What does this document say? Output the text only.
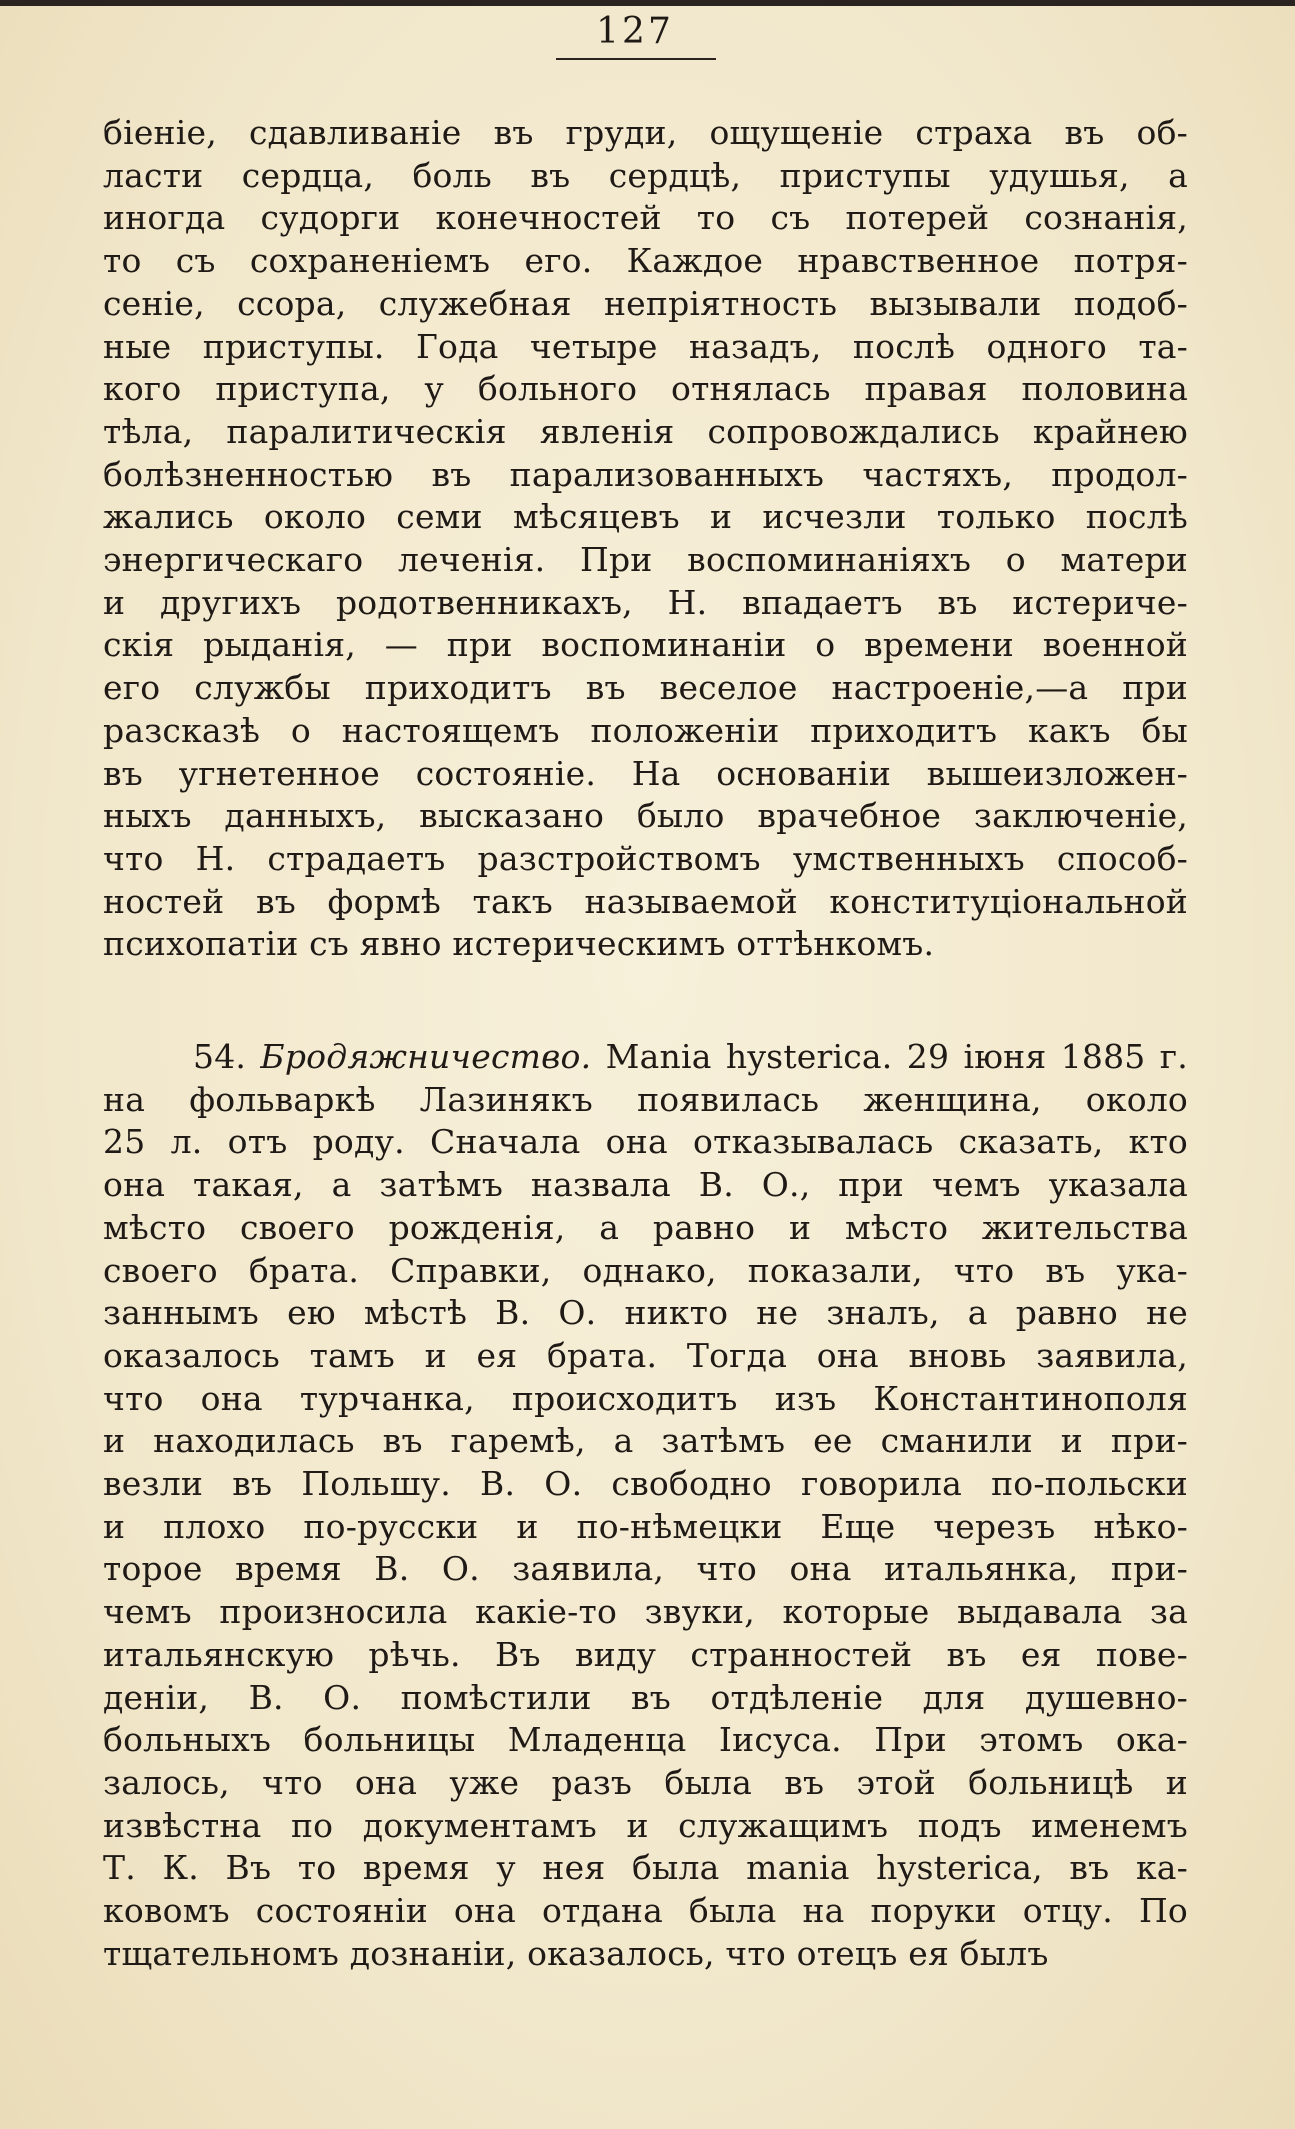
127

біеніе, сдавливаніе въ груди, ощущеніе страха въ об-
ласти сердца, боль въ сердцѣ, приступы удушья, а
иногда судорги конечностей то съ потерей сознанія,
то съ сохраненіемъ его. Каждое нравственное потря-
сеніе, ссора, служебная непріятность вызывали подоб-
ные приступы. Года четыре назадъ, послѣ одного та-
кого приступа, у больного отнялась правая половина
тѣла, паралитическія явленія сопровождались крайнею
болѣзненностью въ парализованныхъ частяхъ, продол-
жались около семи мѣсяцевъ и исчезли только послѣ
энергическаго леченія. При воспоминаніяхъ о матери
и другихъ родотвенникахъ, Н. впадаетъ въ истериче-
скія рыданія, — при воспоминаніи о времени военной
его службы приходитъ въ веселое настроеніе,—а при
разсказѣ о настоящемъ положеніи приходитъ какъ бы
въ угнетенное состояніе. На основаніи вышеизложен-
ныхъ данныхъ, высказано было врачебное заключеніе,
что Н. страдаетъ разстройствомъ умственныхъ способ-
ностей въ формѣ такъ называемой конституціональной
психопатіи съ явно истерическимъ оттѣнкомъ.

54. Бродяжничество. Mania hysterica. 29 іюня 1885 г.
на фольваркѣ Лазинякъ появилась женщина, около
25 л. отъ роду. Сначала она отказывалась сказать, кто
она такая, а затѣмъ назвала В. О., при чемъ указала
мѣсто своего рожденія, а равно и мѣсто жительства
своего брата. Справки, однако, показали, что въ ука-
заннымъ ею мѣстѣ В. О. никто не зналъ, а равно не
оказалось тамъ и ея брата. Тогда она вновь заявила,
что она турчанка, происходитъ изъ Константинополя
и находилась въ гаремѣ, а затѣмъ ее сманили и при-
везли въ Польшу. В. О. свободно говорила по-польски
и плохо по-русски и по-нѣмецки Еще черезъ нѣко-
торое время В. О. заявила, что она итальянка, при-
чемъ произносила какіе-то звуки, которые выдавала за
итальянскую рѣчь. Въ виду странностей въ ея пове-
деніи, В. О. помѣстили въ отдѣленіе для душевно-
больныхъ больницы Младенца Іисуса. При этомъ ока-
залось, что она уже разъ была въ этой больницѣ и
извѣстна по документамъ и служащимъ подъ именемъ
Т. К. Въ то время у нея была mania hysterica, въ ка-
ковомъ состояніи она отдана была на поруки отцу. По
тщательномъ дознаніи, оказалось, что отецъ ея былъ
